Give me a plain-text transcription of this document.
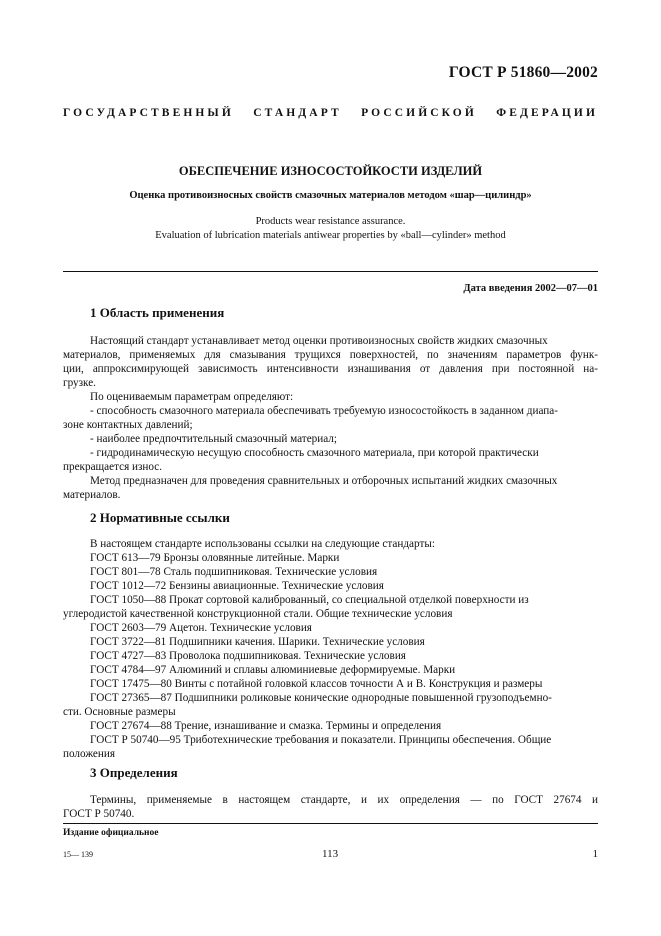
ГОСТ Р 51860—2002
ГОСУДАРСТВЕННЫЙ СТАНДАРТ РОССИЙСКОЙ ФЕДЕРАЦИИ
ОБЕСПЕЧЕНИЕ ИЗНОСОСТОЙКОСТИ ИЗДЕЛИЙ
Оценка противоизносных свойств смазочных материалов методом «шар—цилиндр»
Products wear resistance assurance.
Evaluation of lubrication materials antiwear properties by «ball—cylinder» method
Дата введения 2002—07—01
1 Область применения
Настоящий стандарт устанавливает метод оценки противоизносных свойств жидких смазочных
материалов, применяемых для смазывания трущихся поверхностей, по значениям параметров функ-
ции, аппроксимирующей зависимость интенсивности изнашивания от давления при постоянной на-
грузке.
По оцениваемым параметрам определяют:
- способность смазочного материала обеспечивать требуемую износостойкость в заданном диапа-
зоне контактных давлений;
- наиболее предпочтительный смазочный материал;
- гидродинамическую несущую способность смазочного материала, при которой практически
прекращается износ.
Метод предназначен для проведения сравнительных и отборочных испытаний жидких смазочных
материалов.
2 Нормативные ссылки
В настоящем стандарте использованы ссылки на следующие стандарты:
ГОСТ 613—79 Бронзы оловянные литейные. Марки
ГОСТ 801—78 Сталь подшипниковая. Технические условия
ГОСТ 1012—72 Бензины авиационные. Технические условия
ГОСТ 1050—88 Прокат сортовой калиброванный, со специальной отделкой поверхности из
углеродистой качественной конструкционной стали. Общие технические условия
ГОСТ 2603—79 Ацетон. Технические условия
ГОСТ 3722—81 Подшипники качения. Шарики. Технические условия
ГОСТ 4727—83 Проволока подшипниковая. Технические условия
ГОСТ 4784—97 Алюминий и сплавы алюминиевые деформируемые. Марки
ГОСТ 17475—80 Винты с потайной головкой классов точности А и В. Конструкция и размеры
ГОСТ 27365—87 Подшипники роликовые конические однородные повышенной грузоподъемно-
сти. Основные размеры
ГОСТ 27674—88 Трение, изнашивание и смазка. Термины и определения
ГОСТ Р 50740—95 Триботехнические требования и показатели. Принципы обеспечения. Общие
положения
3 Определения
Термины, применяемые в настоящем стандарте, и их определения — по ГОСТ 27674 и
ГОСТ Р 50740.
Издание официальное
15— 139	113	1
